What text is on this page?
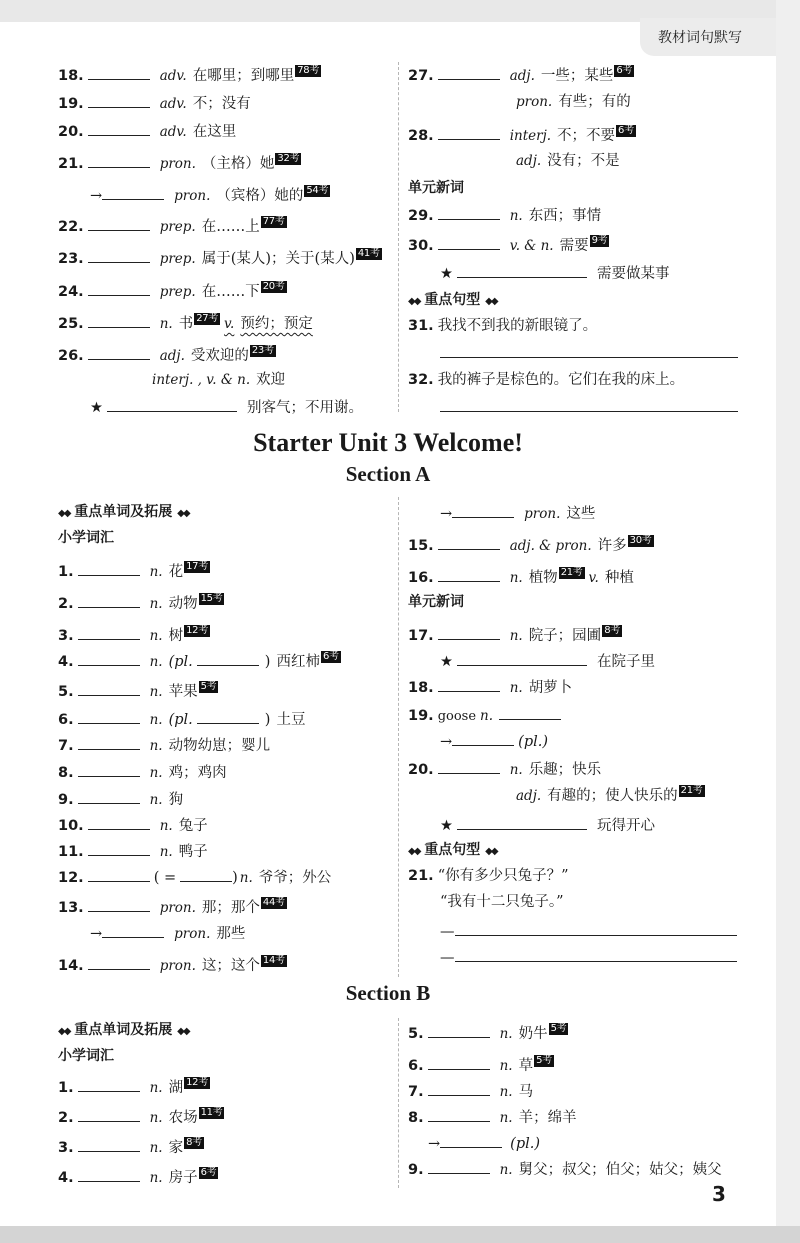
教材词句默写
18.	adv. 在哪里；到哪里 78考
19.	adv. 不；没有
20.	adv. 在这里
21.	pron. （主格）她 32考
→	pron. （宾格）她的 54考
22.	prep. 在……上 77考
23.	prep. 属于(某人)；关于(某人) 41考
24.	prep. 在……下 20考
25.	n. 书 27考 v. 预约；预定
26.	adj. 受欢迎的 23考
interj. , v. & n. 欢迎
★	别客气；不用谢。
27.	adj. 一些；某些 6考
pron. 有些；有的
28.	interj. 不；不要 6考
adj. 没有；不是
单元新词
29.	n. 东西；事情
30.	v. & n. 需要 9考
★	需要做某事
◆◆ 重点句型 ◆◆
31. 我找不到我的新眼镜了。
32. 我的裤子是棕色的。它们在我的床上。
Starter Unit 3 Welcome!
Section A
◆◆ 重点单词及拓展 ◆◆
小学词汇
1.	n. 花 17考
2.	n. 动物 15考
3.	n. 树 12考
4.	n. (pl.	) 西红柿 6考
5.	n. 苹果 5考
6.	n. (pl.	) 土豆
7.	n. 动物幼崽；婴儿
8.	n. 鸡；鸡肉
9.	n. 狗
10.	n. 兔子
11.	n. 鸭子
12.	( =	) n. 爷爷；外公
13.	pron. 那；那个 44考
→	pron. 那些
14.	pron. 这；这个 14考
→	pron. 这些
15.	adj. & pron. 许多 30考
16.	n. 植物 21考 v. 种植
单元新词
17.	n. 院子；园圃 8考
★	在院子里
18.	n. 胡萝卜
19. goose n.
→	(pl.)
20.	n. 乐趣；快乐
adj. 有趣的；使人快乐的 21考
★	玩得开心
◆◆ 重点句型 ◆◆
21. “你有多少只兔子？”
“我有十二只兔子。”
—
—
Section B
◆◆ 重点单词及拓展 ◆◆
小学词汇
1.	n. 湖 12考
2.	n. 农场 11考
3.	n. 家 8考
4.	n. 房子 6考
5.	n. 奶牛 5考
6.	n. 草 5考
7.	n. 马
8.	n. 羊；绵羊
→	(pl.)
9.	n. 舅父；叔父；伯父；姑父；姨父
3
